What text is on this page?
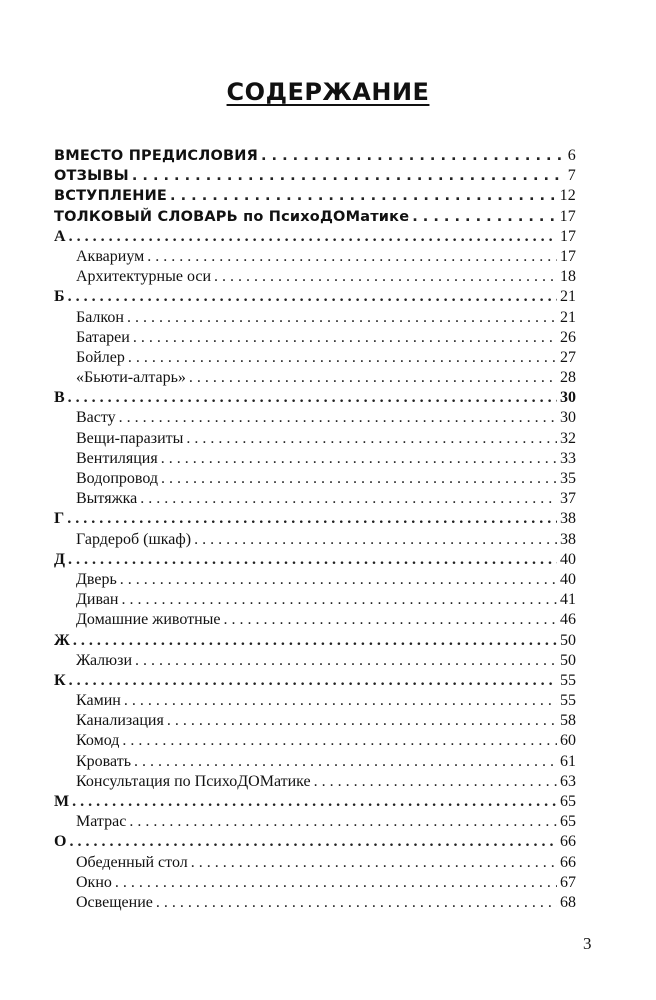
СОДЕРЖАНИЕ
ВМЕСТО ПРЕДИСЛОВИЯ . . .	6
ОТЗЫВЫ . . .	7
ВСТУПЛЕНИЕ . . .	12
ТОЛКОВЫЙ СЛОВАРЬ по ПсихоДОМатике . . .	17
А . . .	17
Аквариум . . .	17
Архитектурные оси . . .	18
Б . . .	21
Балкон . . .	21
Батареи . . .	26
Бойлер . . .	27
«Бьюти-алтарь» . . .	28
В . . .	30
Васту . . .	30
Вещи-паразиты . . .	32
Вентиляция . . .	33
Водопровод . . .	35
Вытяжка . . .	37
Г . . .	38
Гардероб (шкаф) . . .	38
Д . . .	40
Дверь . . .	40
Диван . . .	41
Домашние животные . . .	46
Ж . . .	50
Жалюзи . . .	50
К . . .	55
Камин . . .	55
Канализация . . .	58
Комод . . .	60
Кровать . . .	61
Консультация по ПсихоДОМатике . . .	63
М . . .	65
Матрас . . .	65
О . . .	66
Обеденный стол . . .	66
Окно . . .	67
Освещение . . .	68
3
